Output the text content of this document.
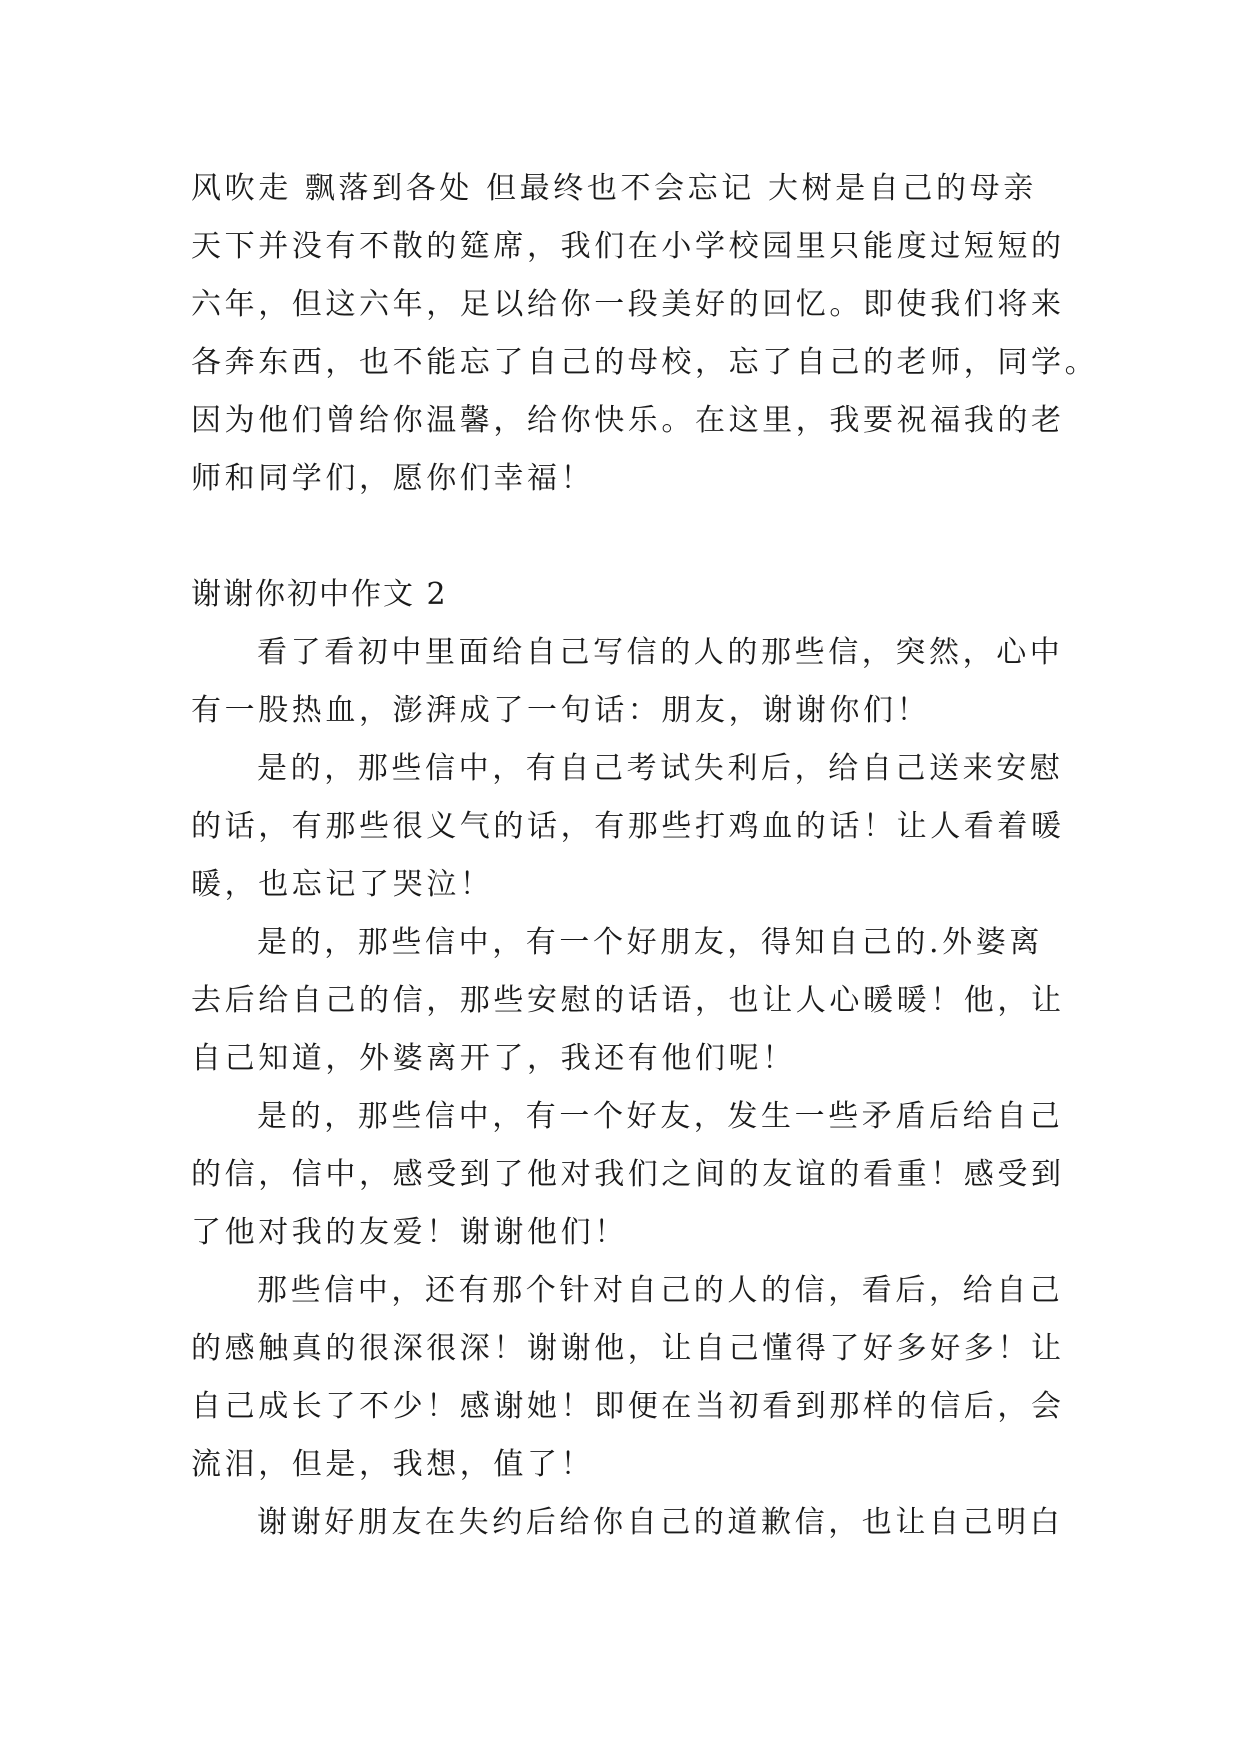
风吹走 飘落到各处 但最终也不会忘记 大树是自己的母亲
天下并没有不散的筵席，我们在小学校园里只能度过短短的
六年，但这六年，足以给你一段美好的回忆。即使我们将来
各奔东西，也不能忘了自己的母校，忘了自己的老师，同学。
因为他们曾给你温馨，给你快乐。在这里，我要祝福我的老
师和同学们，愿你们幸福！
谢谢你初中作文 2
看了看初中里面给自己写信的人的那些信，突然，心中
有一股热血，澎湃成了一句话：朋友，谢谢你们！
是的，那些信中，有自己考试失利后，给自己送来安慰
的话，有那些很义气的话，有那些打鸡血的话！让人看着暖
暖，也忘记了哭泣！
是的，那些信中，有一个好朋友，得知自己的.外婆离
去后给自己的信，那些安慰的话语，也让人心暖暖！他，让
自己知道，外婆离开了，我还有他们呢！
是的，那些信中，有一个好友，发生一些矛盾后给自己
的信，信中，感受到了他对我们之间的友谊的看重！感受到
了他对我的友爱！谢谢他们！
那些信中，还有那个针对自己的人的信，看后，给自己
的感触真的很深很深！谢谢他，让自己懂得了好多好多！让
自己成长了不少！感谢她！即便在当初看到那样的信后，会
流泪，但是，我想，值了！
谢谢好朋友在失约后给你自己的道歉信，也让自己明白
